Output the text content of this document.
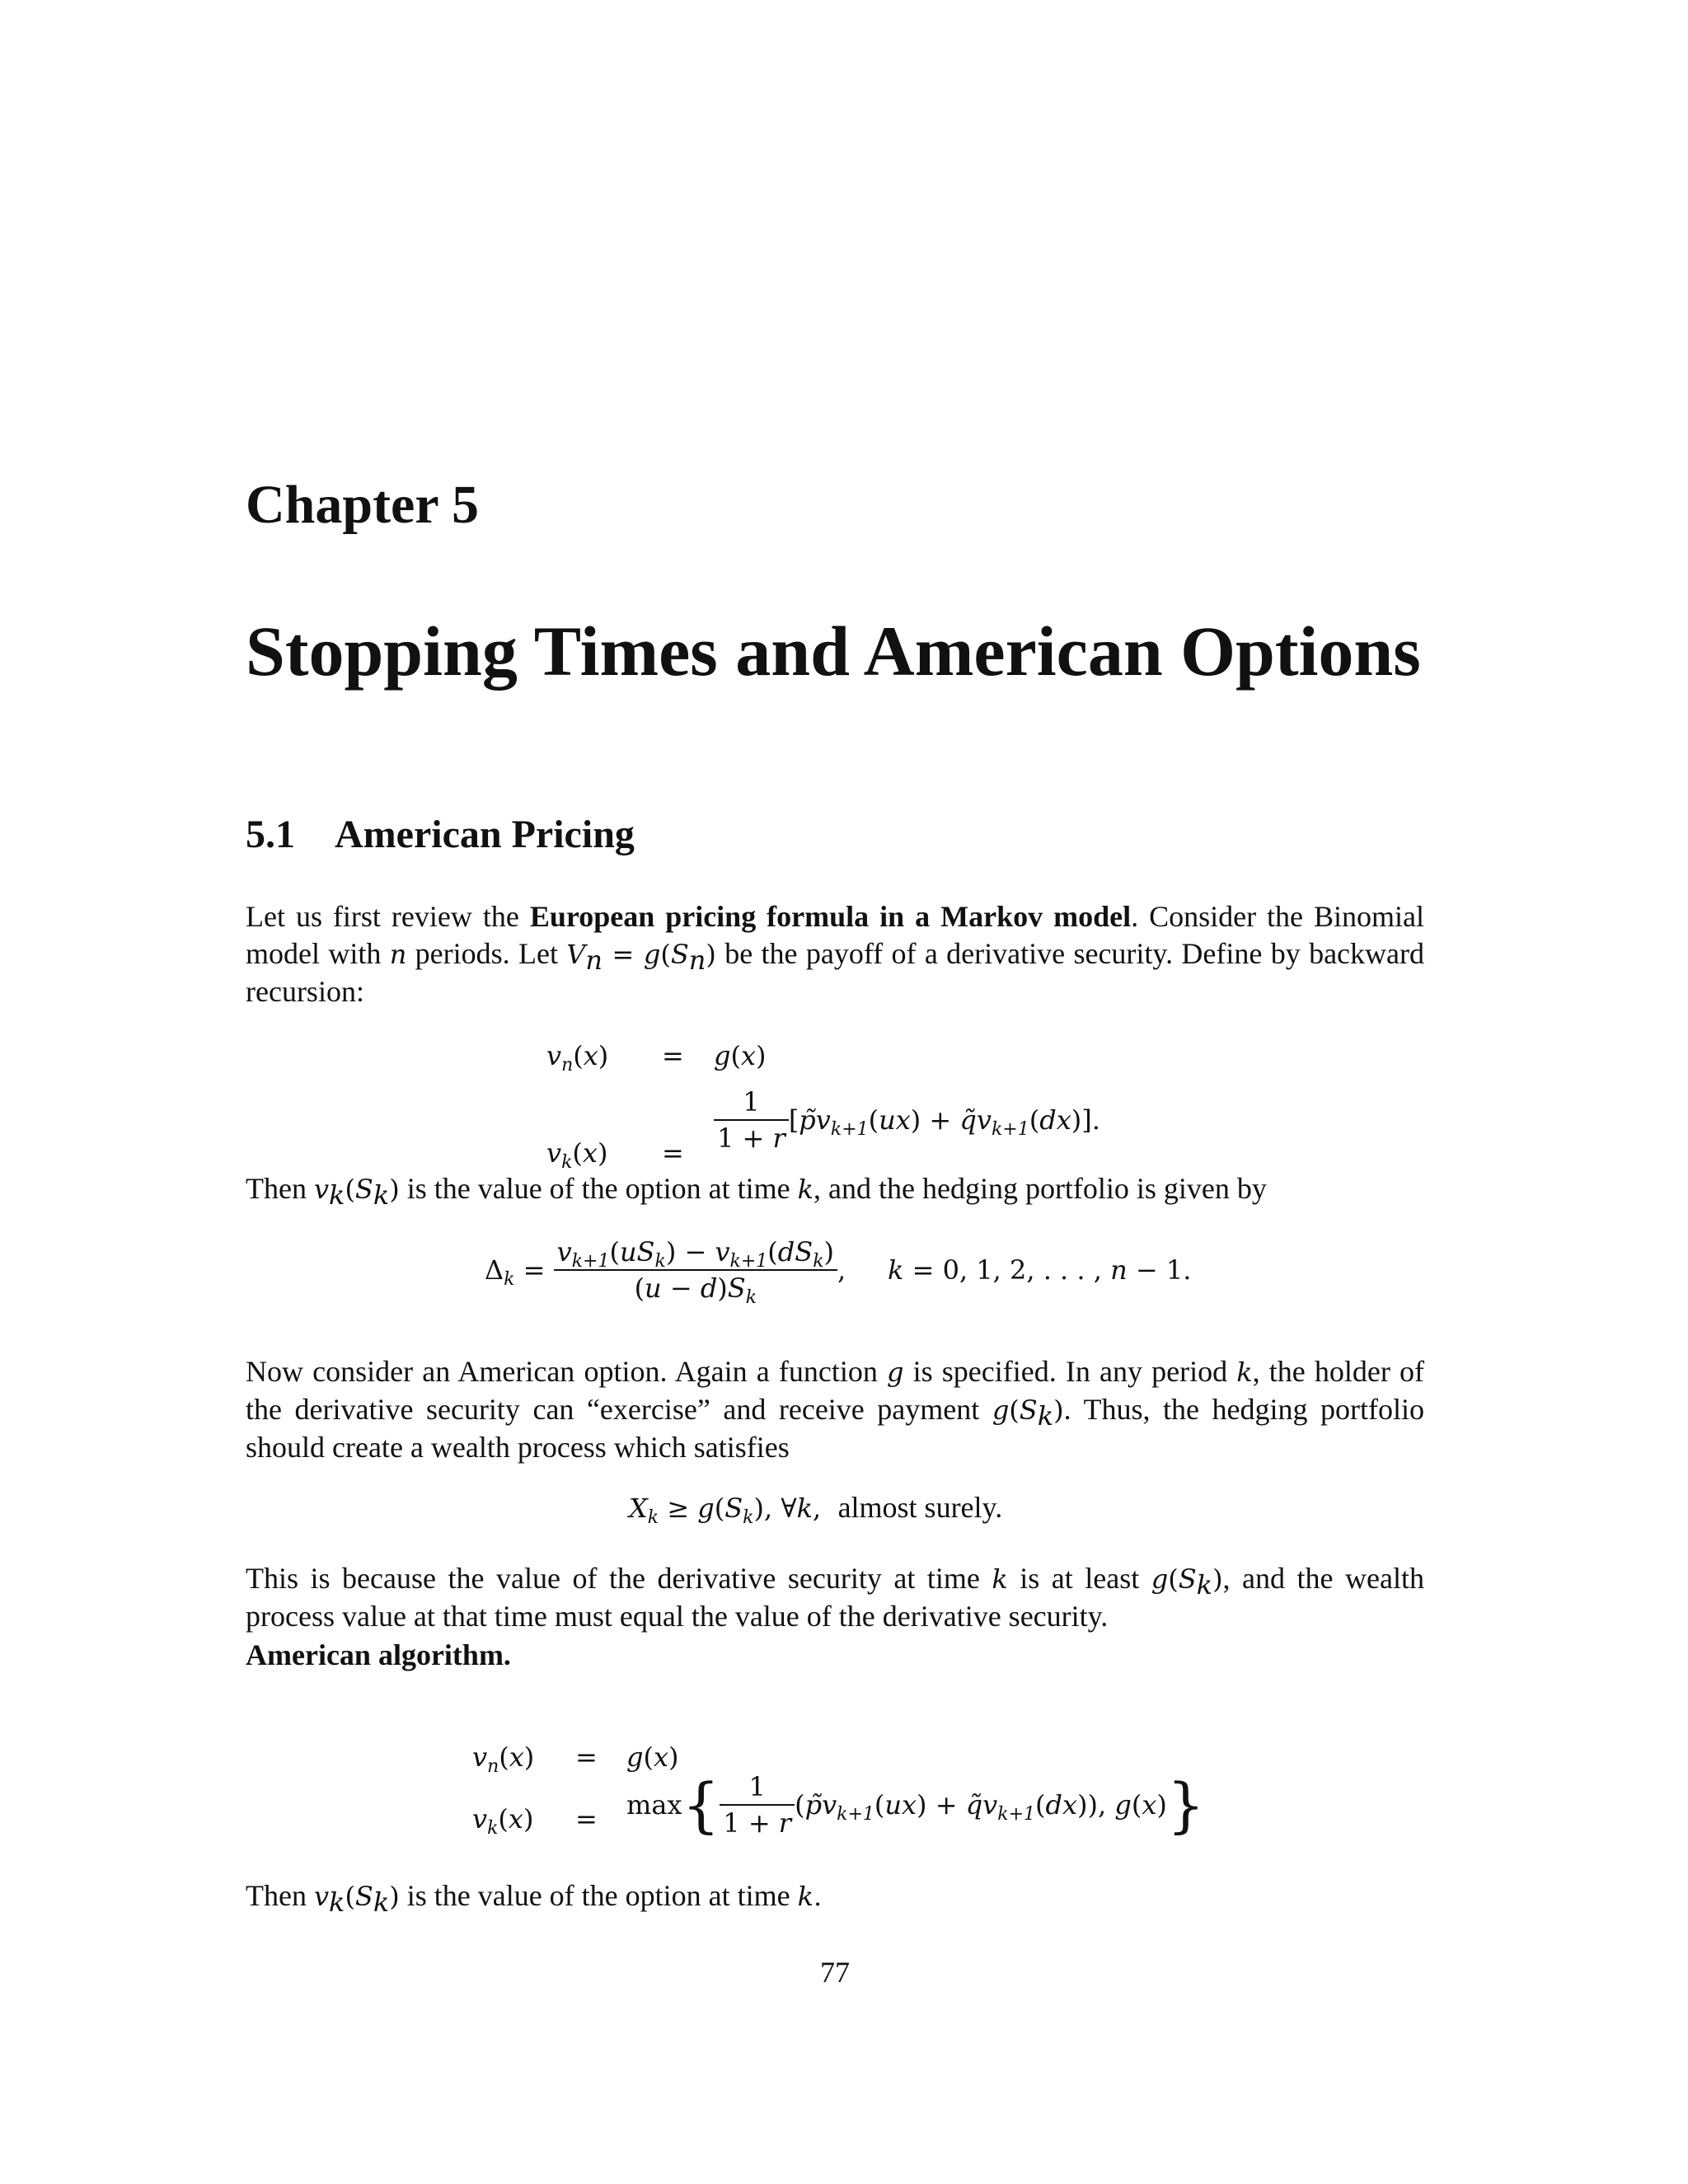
Chapter 5
Stopping Times and American Options
5.1 American Pricing
Let us first review the European pricing formula in a Markov model. Consider the Binomial model with n periods. Let $V_n = g(S_n)$ be the payoff of a derivative security. Define by backward recursion:
$v_n(x) = g(x)$
$v_k(x) = \frac{1}{1 + r}$ [$p̃v_{k+1}(ux)$ + $q̃v_{k+1}(dx)$].
Then $v_k(S_k)$ is the value of the option at time k, and the hedging portfolio is given by
$\Delta_k = \frac{v_{k+1}(uS_k) - v_{k+1}(dS_k)}{(u - d)S_k}$ ,     k = 0, 1, 2, . . . , n − 1.
Now consider an American option. Again a function g is specified. In any period k, the holder of the derivative security can “exercise” and receive payment $g(S_k)$. Thus, the hedging portfolio should create a wealth process which satisfies
$X_k \ge g(S_k)$, ∀k,  almost surely.
This is because the value of the derivative security at time k is at least $g(S_k)$, and the wealth process value at that time must equal the value of the derivative security.
American algorithm.
$v_n(x) = g(x)$
$v_k(x) = \max\{ \frac{1}{1 + r}$ ($p̃v_{k+1}(ux)$ + $q̃v_{k+1}(dx)$), g(x)}
Then $v_k(S_k)$ is the value of the option at time k.
77
